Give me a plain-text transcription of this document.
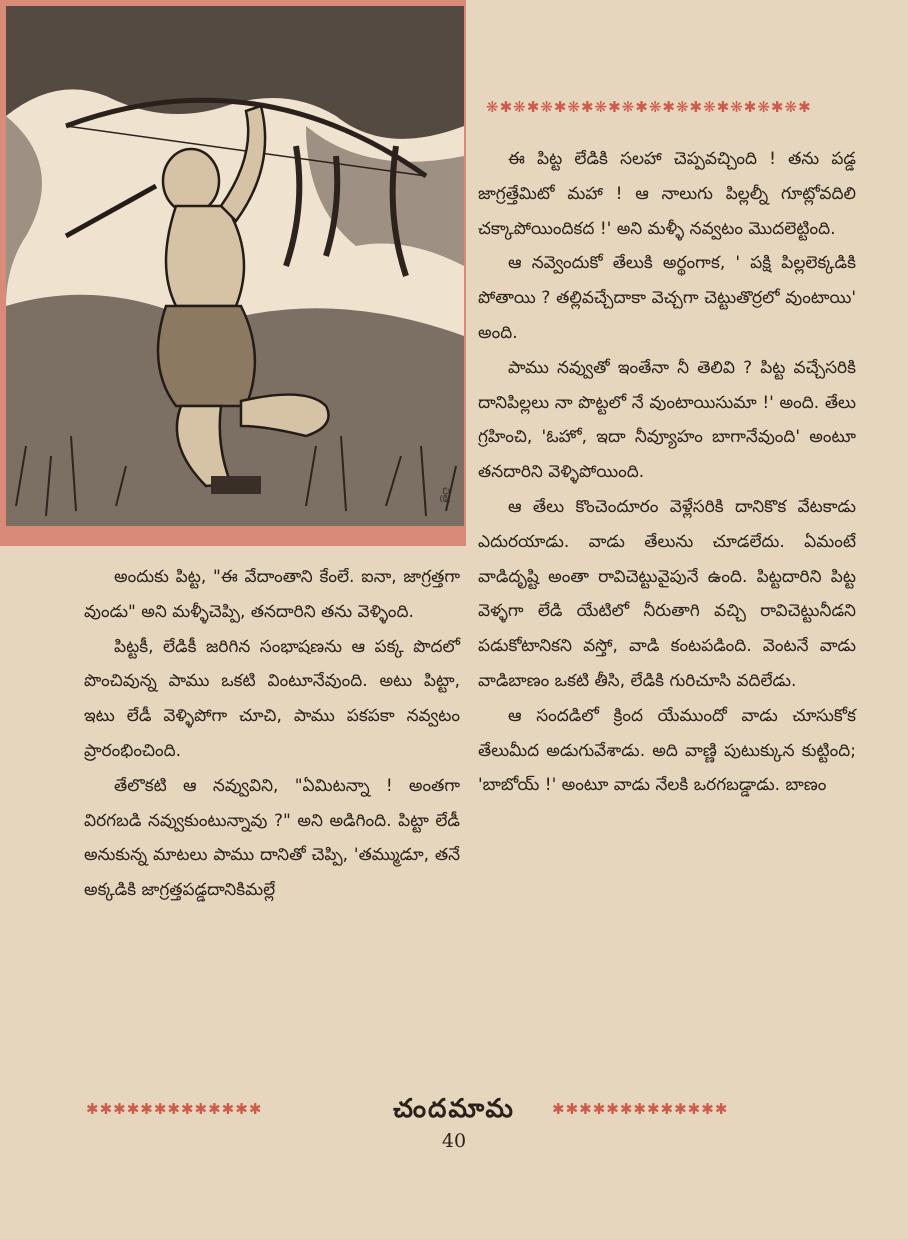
చిత్ర
❋✱❋✱❋✱❋✱❋✱❋✱❋✱❋✱❋✱❋✱❋✱❋✱

ఈ పిట్ట లేడికి సలహా చెప్పవచ్చింది ! తను పడ్డ జాగ్రత్తేమిటో మహా ! ఆ నాలుగు పిల్లల్నీ గూట్లోవదిలి చక్కాపోయిందికద !' అని మళ్ళీ నవ్వటం మొదలెట్టింది.

ఆ నవ్వెందుకో తేలుకి అర్థంగాక, ' పక్షి పిల్లలెక్కడికి పోతాయి ? తల్లివచ్చేదాకా వెచ్చగా చెట్టుతొర్రలో వుంటాయి' అంది.

పాము నవ్వుతో ఇంతేనా నీ తెలివి ? పిట్ట వచ్చేసరికి దానిపిల్లలు నా పొట్టలో నే వుంటాయిసుమా !' అంది. తేలు గ్రహించి, 'ఓహో, ఇదా నీవ్యూహం బాగానేవుంది' అంటూ తనదారిని వెళ్ళిపోయింది.

ఆ తేలు కొంచెందూరం వెళ్లేసరికి దానికొక వేటకాడు ఎదురయాడు. వాడు తేలును చూడలేదు. ఏమంటే వాడిదృష్టి అంతా రావిచెట్టువైపునే ఉంది. పిట్టదారిని పిట్ట వెళ్ళగా లేడి యేటిలో నీరుతాగి వచ్చి రావిచెట్టునీడని పడుకోటానికని వస్తో, వాడి కంటపడింది. వెంటనే వాడు వాడిబాణం ఒకటి తీసి, లేడికి గురిచూసి వదిలేడు.

ఆ సందడిలో క్రింద యేముందో వాడు చూసుకోక తేలుమీద అడుగువేశాడు. అది వాణ్ణి పుటుక్కున కుట్టింది; 'బాబోయ్ !' అంటూ వాడు నేలకి ఒరగబడ్డాడు. బాణం

అందుకు పిట్ట, "ఈ వేదాంతాని కేంలే. ఐనా, జాగ్రత్తగా వుండు" అని మళ్ళీచెప్పి, తనదారిని తను వెళ్ళింది.

పిట్టకీ, లేడికీ జరిగిన సంభాషణను ఆ పక్క పొదలో పొంచివున్న పాము ఒకటి వింటూనేవుంది. అటు పిట్టా, ఇటు లేడీ వెళ్ళిపోగా చూచి, పాము పకపకా నవ్వటం ప్రారంభించింది.

తేలొకటి ఆ నవ్వువిని, "ఏమిటన్నా ! అంతగా విరగబడి నవ్వుకుంటున్నావు ?" అని అడిగింది. పిట్టా లేడీ అనుకున్న మాటలు పాము దానితో చెప్పి, 'తమ్ముడూ, తనే అక్కడికి జాగ్రత్తపడ్డదానికిమల్లే

✱✱✱✱✱✱✱✱✱✱✱✱✱	చందమామ	✱✱✱✱✱✱✱✱✱✱✱✱✱
40
